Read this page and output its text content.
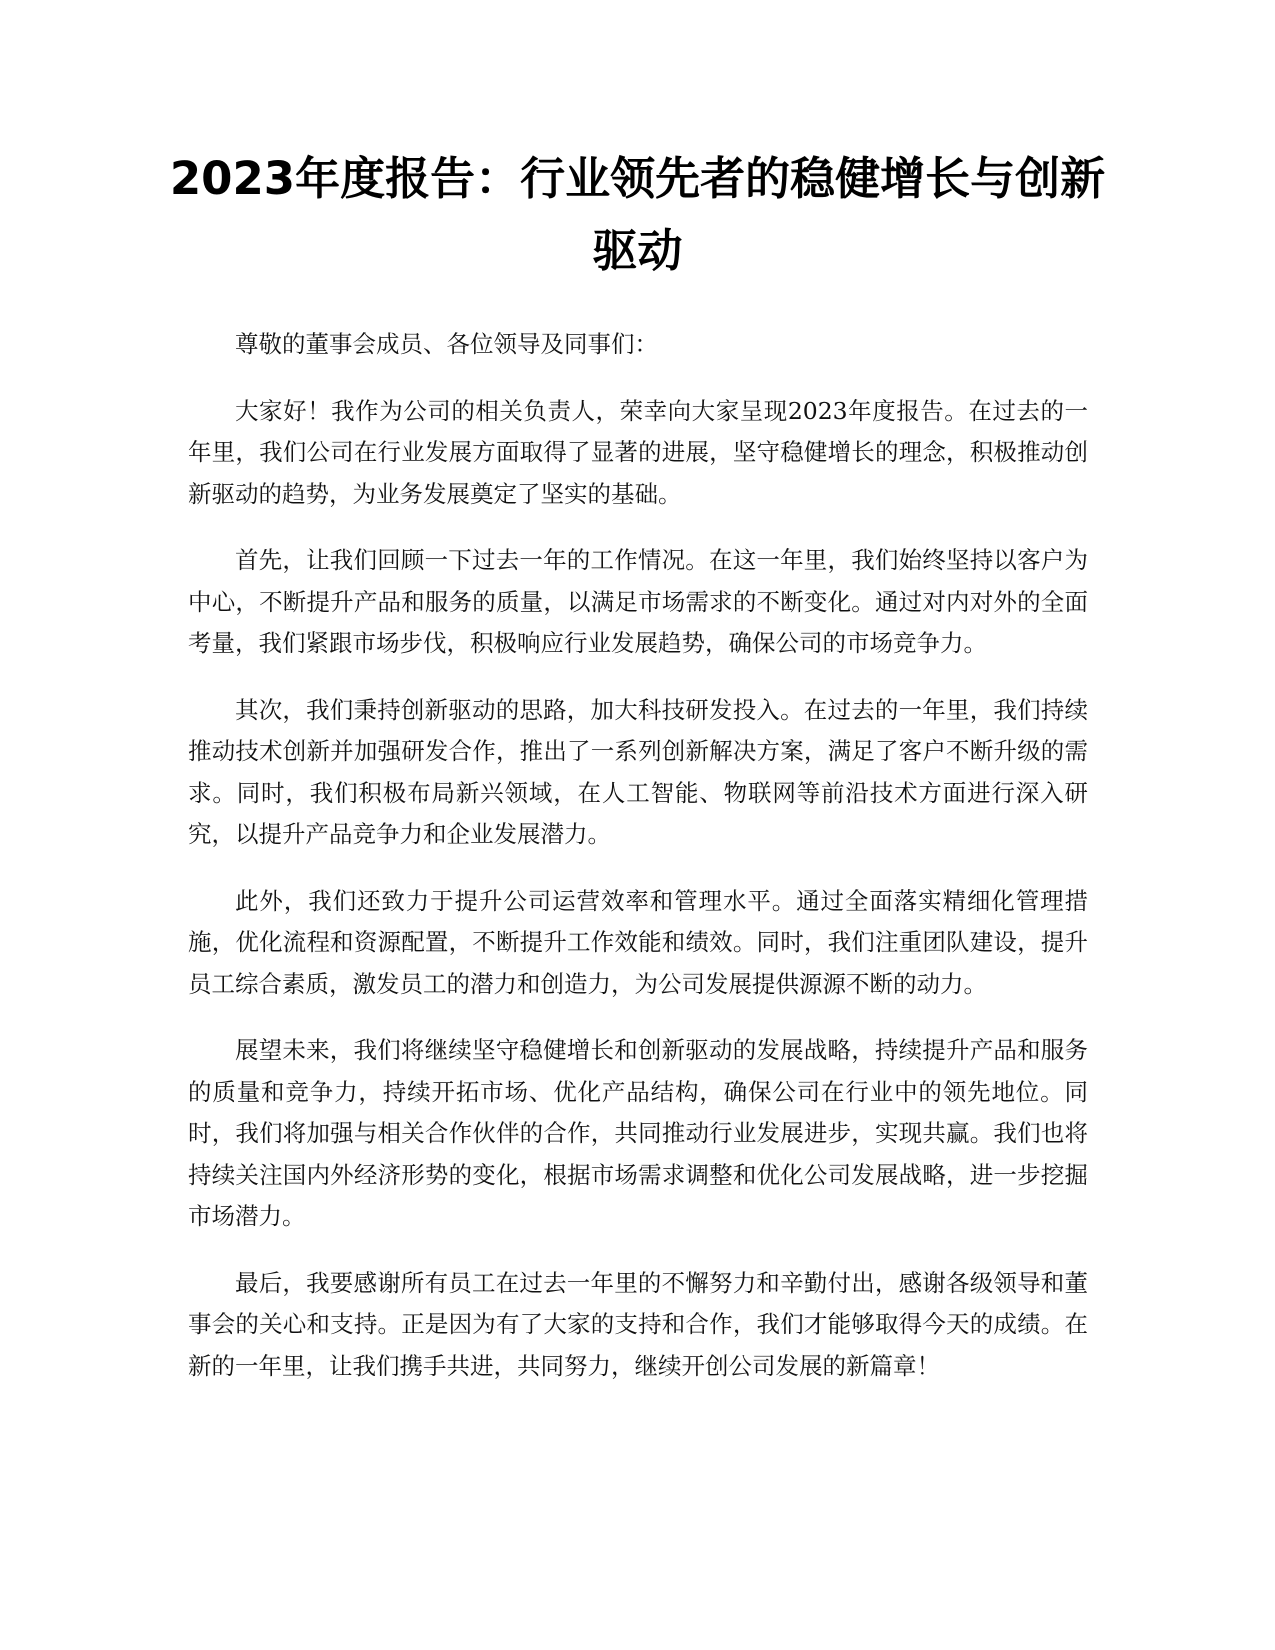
2023年度报告：行业领先者的稳健增长与创新驱动

尊敬的董事会成员、各位领导及同事们：

大家好！我作为公司的相关负责人，荣幸向大家呈现2023年度报告。在过去的一年里，我们公司在行业发展方面取得了显著的进展，坚守稳健增长的理念，积极推动创新驱动的趋势，为业务发展奠定了坚实的基础。

首先，让我们回顾一下过去一年的工作情况。在这一年里，我们始终坚持以客户为中心，不断提升产品和服务的质量，以满足市场需求的不断变化。通过对内对外的全面考量，我们紧跟市场步伐，积极响应行业发展趋势，确保公司的市场竞争力。

其次，我们秉持创新驱动的思路，加大科技研发投入。在过去的一年里，我们持续推动技术创新并加强研发合作，推出了一系列创新解决方案，满足了客户不断升级的需求。同时，我们积极布局新兴领域，在人工智能、物联网等前沿技术方面进行深入研究，以提升产品竞争力和企业发展潜力。

此外，我们还致力于提升公司运营效率和管理水平。通过全面落实精细化管理措施，优化流程和资源配置，不断提升工作效能和绩效。同时，我们注重团队建设，提升员工综合素质，激发员工的潜力和创造力，为公司发展提供源源不断的动力。

展望未来，我们将继续坚守稳健增长和创新驱动的发展战略，持续提升产品和服务的质量和竞争力，持续开拓市场、优化产品结构，确保公司在行业中的领先地位。同时，我们将加强与相关合作伙伴的合作，共同推动行业发展进步，实现共赢。我们也将持续关注国内外经济形势的变化，根据市场需求调整和优化公司发展战略，进一步挖掘市场潜力。

最后，我要感谢所有员工在过去一年里的不懈努力和辛勤付出，感谢各级领导和董事会的关心和支持。正是因为有了大家的支持和合作，我们才能够取得今天的成绩。在新的一年里，让我们携手共进，共同努力，继续开创公司发展的新篇章！
